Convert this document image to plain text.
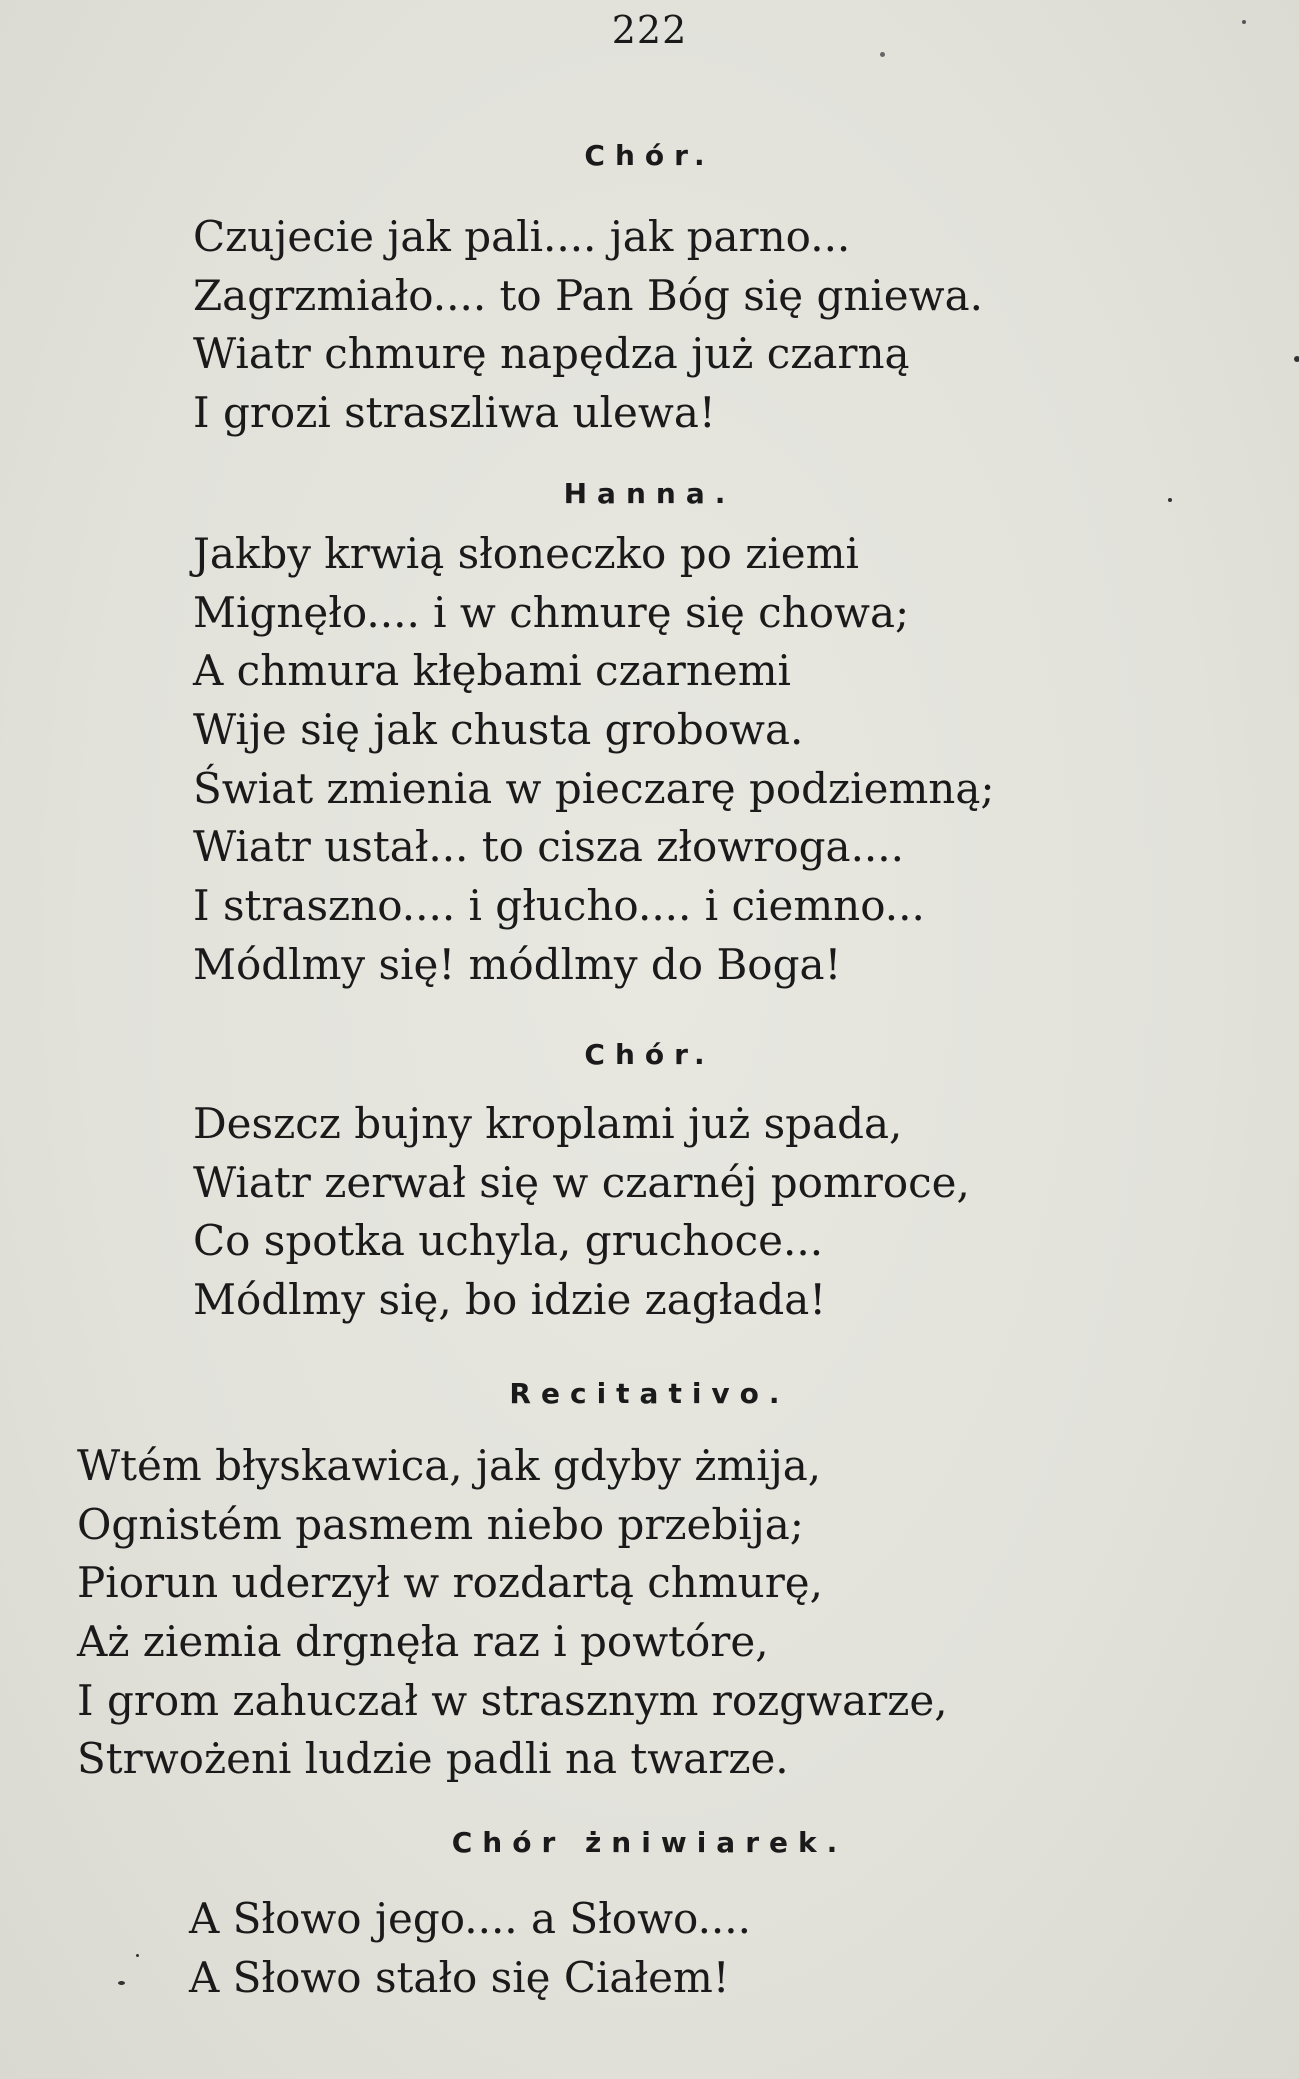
222
Chór.
Czujecie jak pali.... jak parno...
Zagrzmiało.... to Pan Bóg się gniewa.
Wiatr chmurę napędza już czarną
I grozi straszliwa ulewa!
Hanna.
Jakby krwią słoneczko po ziemi
Mignęło.... i w chmurę się chowa;
A chmura kłębami czarnemi
Wije się jak chusta grobowa.
Świat zmienia w pieczarę podziemną;
Wiatr ustał... to cisza złowroga....
I straszno.... i głucho.... i ciemno...
Módlmy się! módlmy do Boga!
Chór.
Deszcz bujny kroplami już spada,
Wiatr zerwał się w czarnéj pomroce,
Co spotka uchyla, gruchoce...
Módlmy się, bo idzie zagłada!
Recitativo.
Wtém błyskawica, jak gdyby żmija,
Ognistém pasmem niebo przebija;
Piorun uderzył w rozdartą chmurę,
Aż ziemia drgnęła raz i powtóre,
I grom zahuczał w strasznym rozgwarze,
Strwożeni ludzie padli na twarze.
Chór żniwiarek.
A Słowo jego.... a Słowo....
A Słowo stało się Ciałem!
